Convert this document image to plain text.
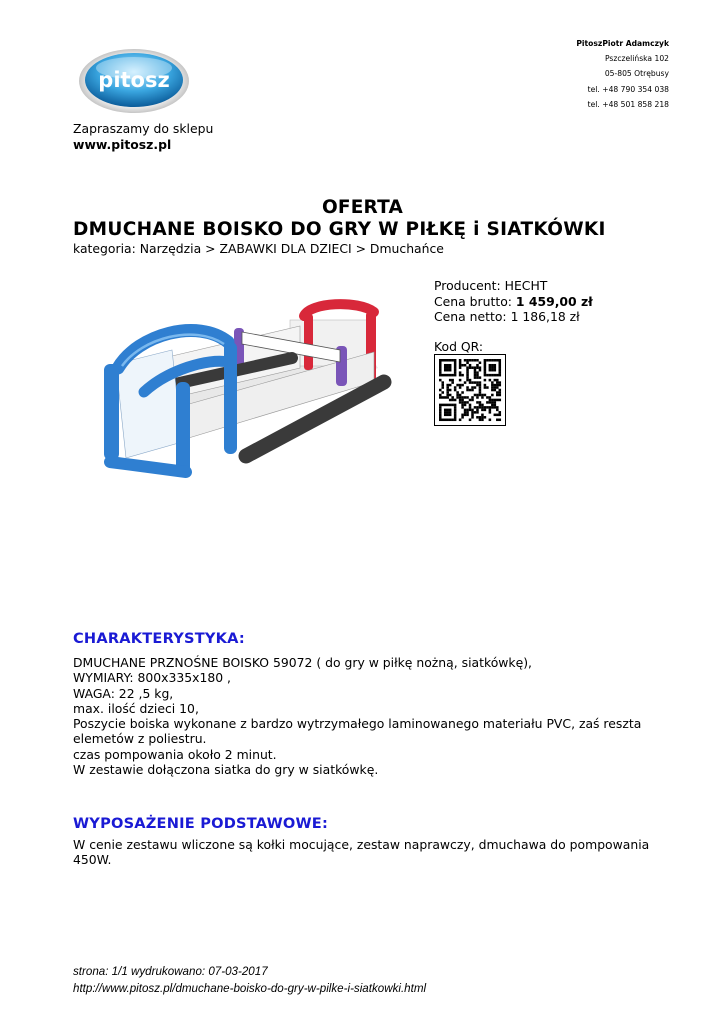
pitosz
PitoszPiotr Adamczyk
Pszczelińska 102
05-805 Otrębusy
tel. +48 790 354 038
tel. +48 501 858 218
Zapraszamy do sklepu
www.pitosz.pl
OFERTA
DMUCHANE BOISKO DO GRY W PIŁKĘ i SIATKÓWKI
kategoria: Narzędzia > ZABAWKI DLA DZIECI > Dmuchańce
Producent: HECHT
Cena brutto: 1 459,00 zł
Cena netto: 1 186,18 zł
Kod QR:
CHARAKTERYSTYKA:
DMUCHANE PRZNOŚNE BOISKO 59072 ( do gry w piłkę nożną, siatkówkę),
WYMIARY: 800x335x180 ,
WAGA: 22 ,5 kg,
max. ilość dzieci 10,
Poszycie boiska wykonane z bardzo wytrzymałego laminowanego materiału PVC, zaś reszta
elemetów z poliestru.
czas pompowania około 2 minut.
W zestawie dołączona siatka do gry w siatkówkę.
WYPOSAŻENIE PODSTAWOWE:
W cenie zestawu wliczone są kołki mocujące, zestaw naprawczy, dmuchawa do pompowania
450W.
strona: 1/1 wydrukowano: 07-03-2017
http://www.pitosz.pl/dmuchane-boisko-do-gry-w-pilke-i-siatkowki.html
